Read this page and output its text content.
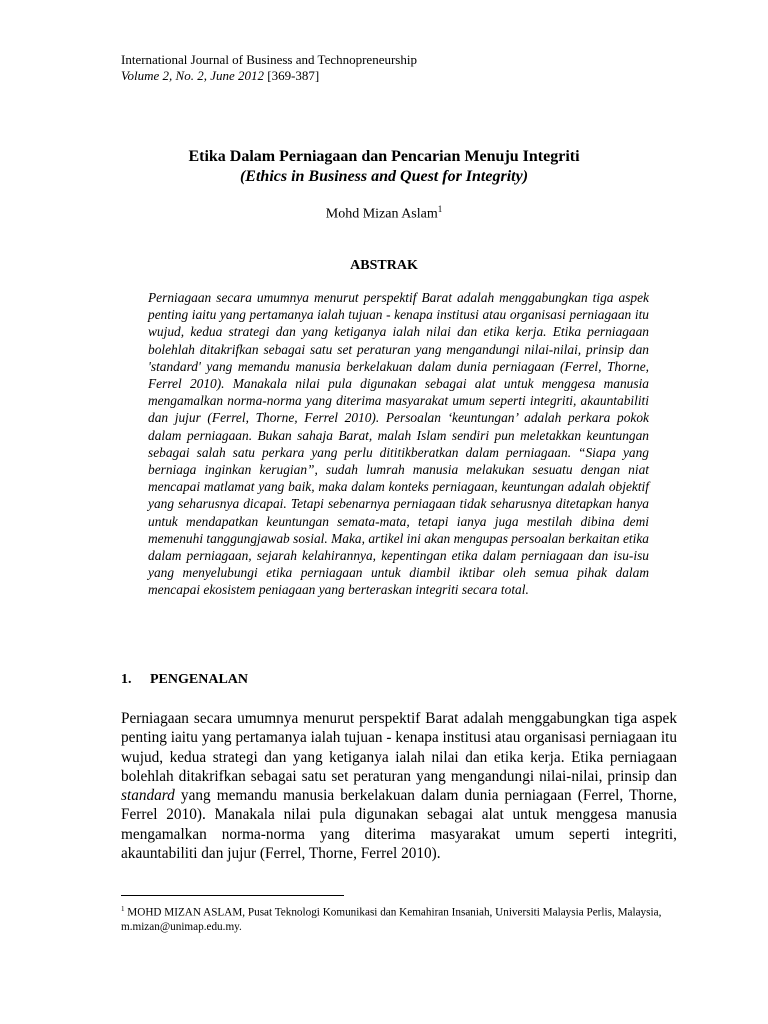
International Journal of Business and Technopreneurship
Volume 2, No. 2, June 2012 [369-387]
Etika Dalam Perniagaan dan Pencarian Menuju Integriti
(Ethics in Business and Quest for Integrity)
Mohd Mizan Aslam$^1$
ABSTRAK

Perniagaan secara umumnya menurut perspektif Barat adalah menggabungkan tiga aspek penting iaitu yang pertamanya ialah tujuan - kenapa institusi atau organisasi perniagaan itu wujud, kedua strategi dan yang ketiganya ialah nilai dan etika kerja. Etika perniagaan bolehlah ditakrifkan sebagai satu set peraturan yang mengandungi nilai-nilai, prinsip dan 'standard' yang memandu manusia berkelakuan dalam dunia perniagaan (Ferrel, Thorne, Ferrel 2010). Manakala nilai pula digunakan sebagai alat untuk menggesa manusia mengamalkan norma-norma yang diterima masyarakat umum seperti integriti, akauntabiliti dan jujur (Ferrel, Thorne, Ferrel 2010). Persoalan ‘keuntungan’ adalah perkara pokok dalam perniagaan. Bukan sahaja Barat, malah Islam sendiri pun meletakkan keuntungan sebagai salah satu perkara yang perlu dititikberatkan dalam perniagaan. “Siapa yang berniaga inginkan kerugian”, sudah lumrah manusia melakukan sesuatu dengan niat mencapai matlamat yang baik, maka dalam konteks perniagaan, keuntungan adalah objektif yang seharusnya dicapai. Tetapi sebenarnya perniagaan tidak seharusnya ditetapkan hanya untuk mendapatkan keuntungan semata-mata, tetapi ianya juga mestilah dibina demi memenuhi tanggungjawab sosial. Maka, artikel ini akan mengupas persoalan berkaitan etika dalam perniagaan, sejarah kelahirannya, kepentingan etika dalam perniagaan dan isu-isu yang menyelubungi etika perniagaan untuk diambil iktibar oleh semua pihak dalam mencapai ekosistem peniagaan yang berteraskan integriti secara total.

1. PENGENALAN

Perniagaan secara umumnya menurut perspektif Barat adalah menggabungkan tiga aspek penting iaitu yang pertamanya ialah tujuan - kenapa institusi atau organisasi perniagaan itu wujud, kedua strategi dan yang ketiganya ialah nilai dan etika kerja. Etika perniagaan bolehlah ditakrifkan sebagai satu set peraturan yang mengandungi nilai-nilai, prinsip dan standard yang memandu manusia berkelakuan dalam dunia perniagaan (Ferrel, Thorne, Ferrel 2010). Manakala nilai pula digunakan sebagai alat untuk menggesa manusia mengamalkan norma-norma yang diterima masyarakat umum seperti integriti, akauntabiliti dan jujur (Ferrel, Thorne, Ferrel 2010).

$^1$ MOHD MIZAN ASLAM, Pusat Teknologi Komunikasi dan Kemahiran Insaniah, Universiti Malaysia Perlis, Malaysia, m.mizan@unimap.edu.my.
